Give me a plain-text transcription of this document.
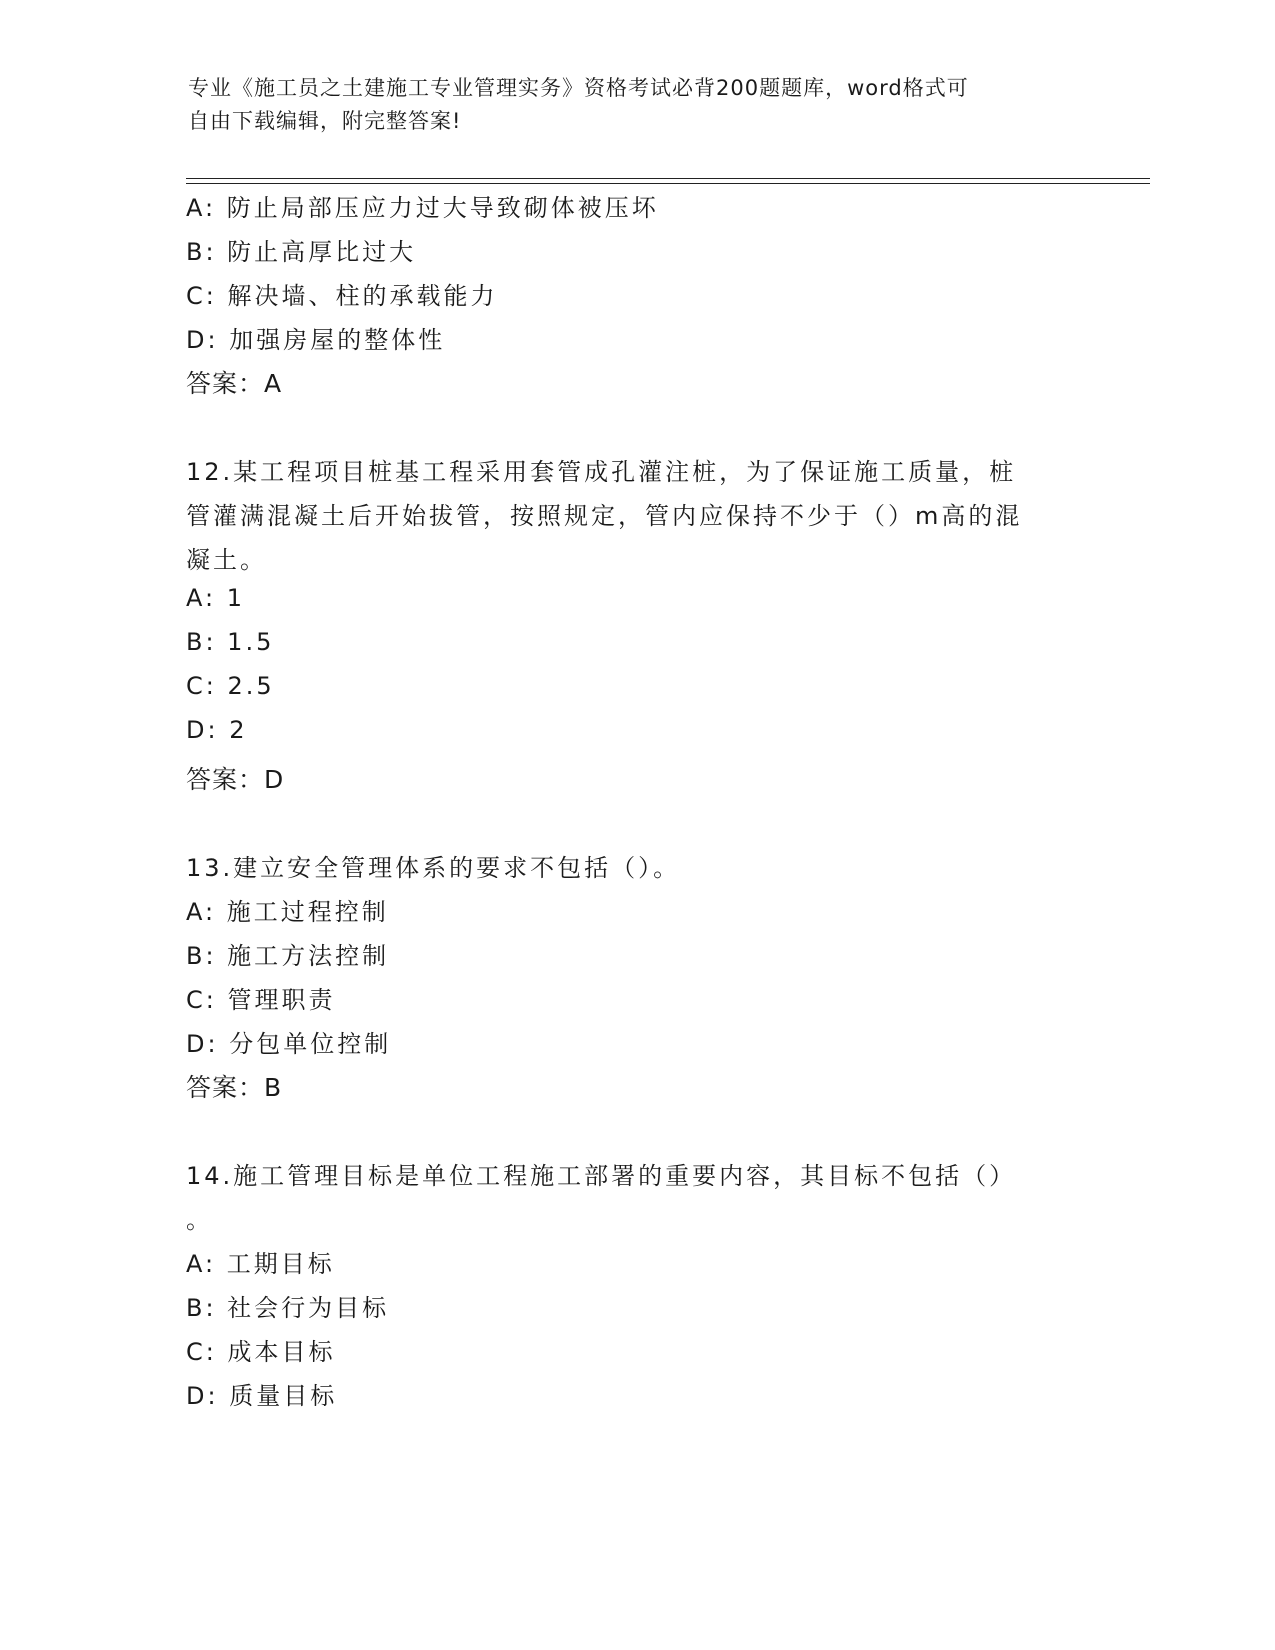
专业《施工员之土建施工专业管理实务》资格考试必背200题题库，word格式可
自由下载编辑，附完整答案!
A: 防止局部压应力过大导致砌体被压坏
B: 防止高厚比过大
C: 解决墙、柱的承载能力
D: 加强房屋的整体性
答案：A
12.某工程项目桩基工程采用套管成孔灌注桩，为了保证施工质量，桩
管灌满混凝土后开始拔管，按照规定，管内应保持不少于（）m高的混
凝土。
A: 1
B: 1.5
C: 2.5
D: 2
答案：D
13.建立安全管理体系的要求不包括（）。
A: 施工过程控制
B: 施工方法控制
C: 管理职责
D: 分包单位控制
答案：B
14.施工管理目标是单位工程施工部署的重要内容，其目标不包括（）
。
A: 工期目标
B: 社会行为目标
C: 成本目标
D: 质量目标
